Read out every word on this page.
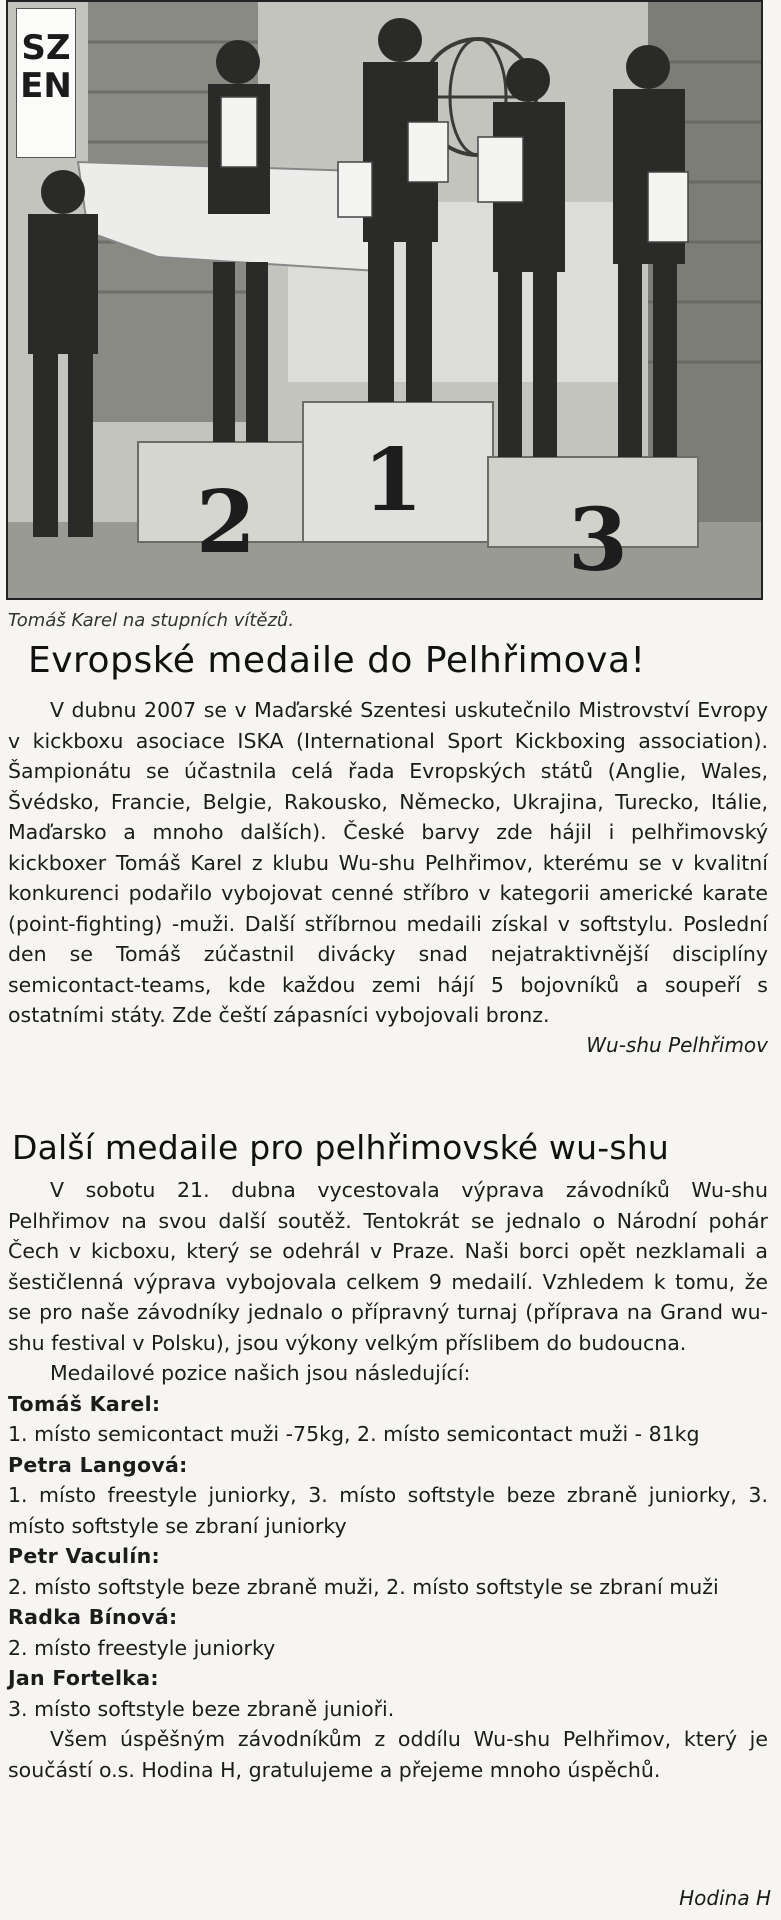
SZEN
2 1
3
Tomáš Karel na stupních vítězů.
Evropské medaile do Pelhřimova!

V dubnu 2007 se v Maďarské Szentesi uskutečnilo Mistrovství Evropy v kickboxu asociace ISKA (International Sport Kickboxing association). Šampionátu se účastnila celá řada Evropských států (Anglie, Wales, Švédsko, Francie, Belgie, Rakousko, Německo, Ukrajina, Turecko, Itálie, Maďarsko a mnoho dalších). České barvy zde hájil i pelhřimovský kickboxer Tomáš Karel z klubu Wu-shu Pelhřimov, kterému se v kvalitní konkurenci podařilo vybojovat cenné stříbro v kategorii americké karate (point-fighting) -muži. Další stříbrnou medaili získal v softstylu. Poslední den se Tomáš zúčastnil divácky snad nejatraktivnější disciplíny semicontact-teams, kde každou zemi hájí 5 bojovníků a soupeří s ostatními státy. Zde čeští zápasníci vybojovali bronz.

Wu-shu Pelhřimov

Další medaile pro pelhřimovské wu-shu

V sobotu 21. dubna vycestovala výprava závodníků Wu-shu Pelhřimov na svou další soutěž. Tentokrát se jednalo o Národní pohár Čech v kicboxu, který se odehrál v Praze. Naši borci opět nezklamali a šestičlenná výprava vybojovala celkem 9 medailí. Vzhledem k tomu, že se pro naše závodníky jednalo o přípravný turnaj (příprava na Grand wu-shu festival v Polsku), jsou výkony velkým příslibem do budoucna.

Medailové pozice našich jsou následující:

Tomáš Karel:

1. místo semicontact muži -75kg, 2. místo semicontact muži - 81kg

Petra Langová:

1. místo freestyle juniorky, 3. místo softstyle beze zbraně juniorky, 3. místo softstyle se zbraní juniorky

Petr Vaculín:

2. místo softstyle beze zbraně muži, 2. místo softstyle se zbraní muži

Radka Bínová:

2. místo freestyle juniorky

Jan Fortelka:

3. místo softstyle beze zbraně junioři.

Všem úspěšným závodníkům z oddílu Wu-shu Pelhřimov, který je součástí o.s. Hodina H, gratulujeme a přejeme mnoho úspěchů.

Hodina H
